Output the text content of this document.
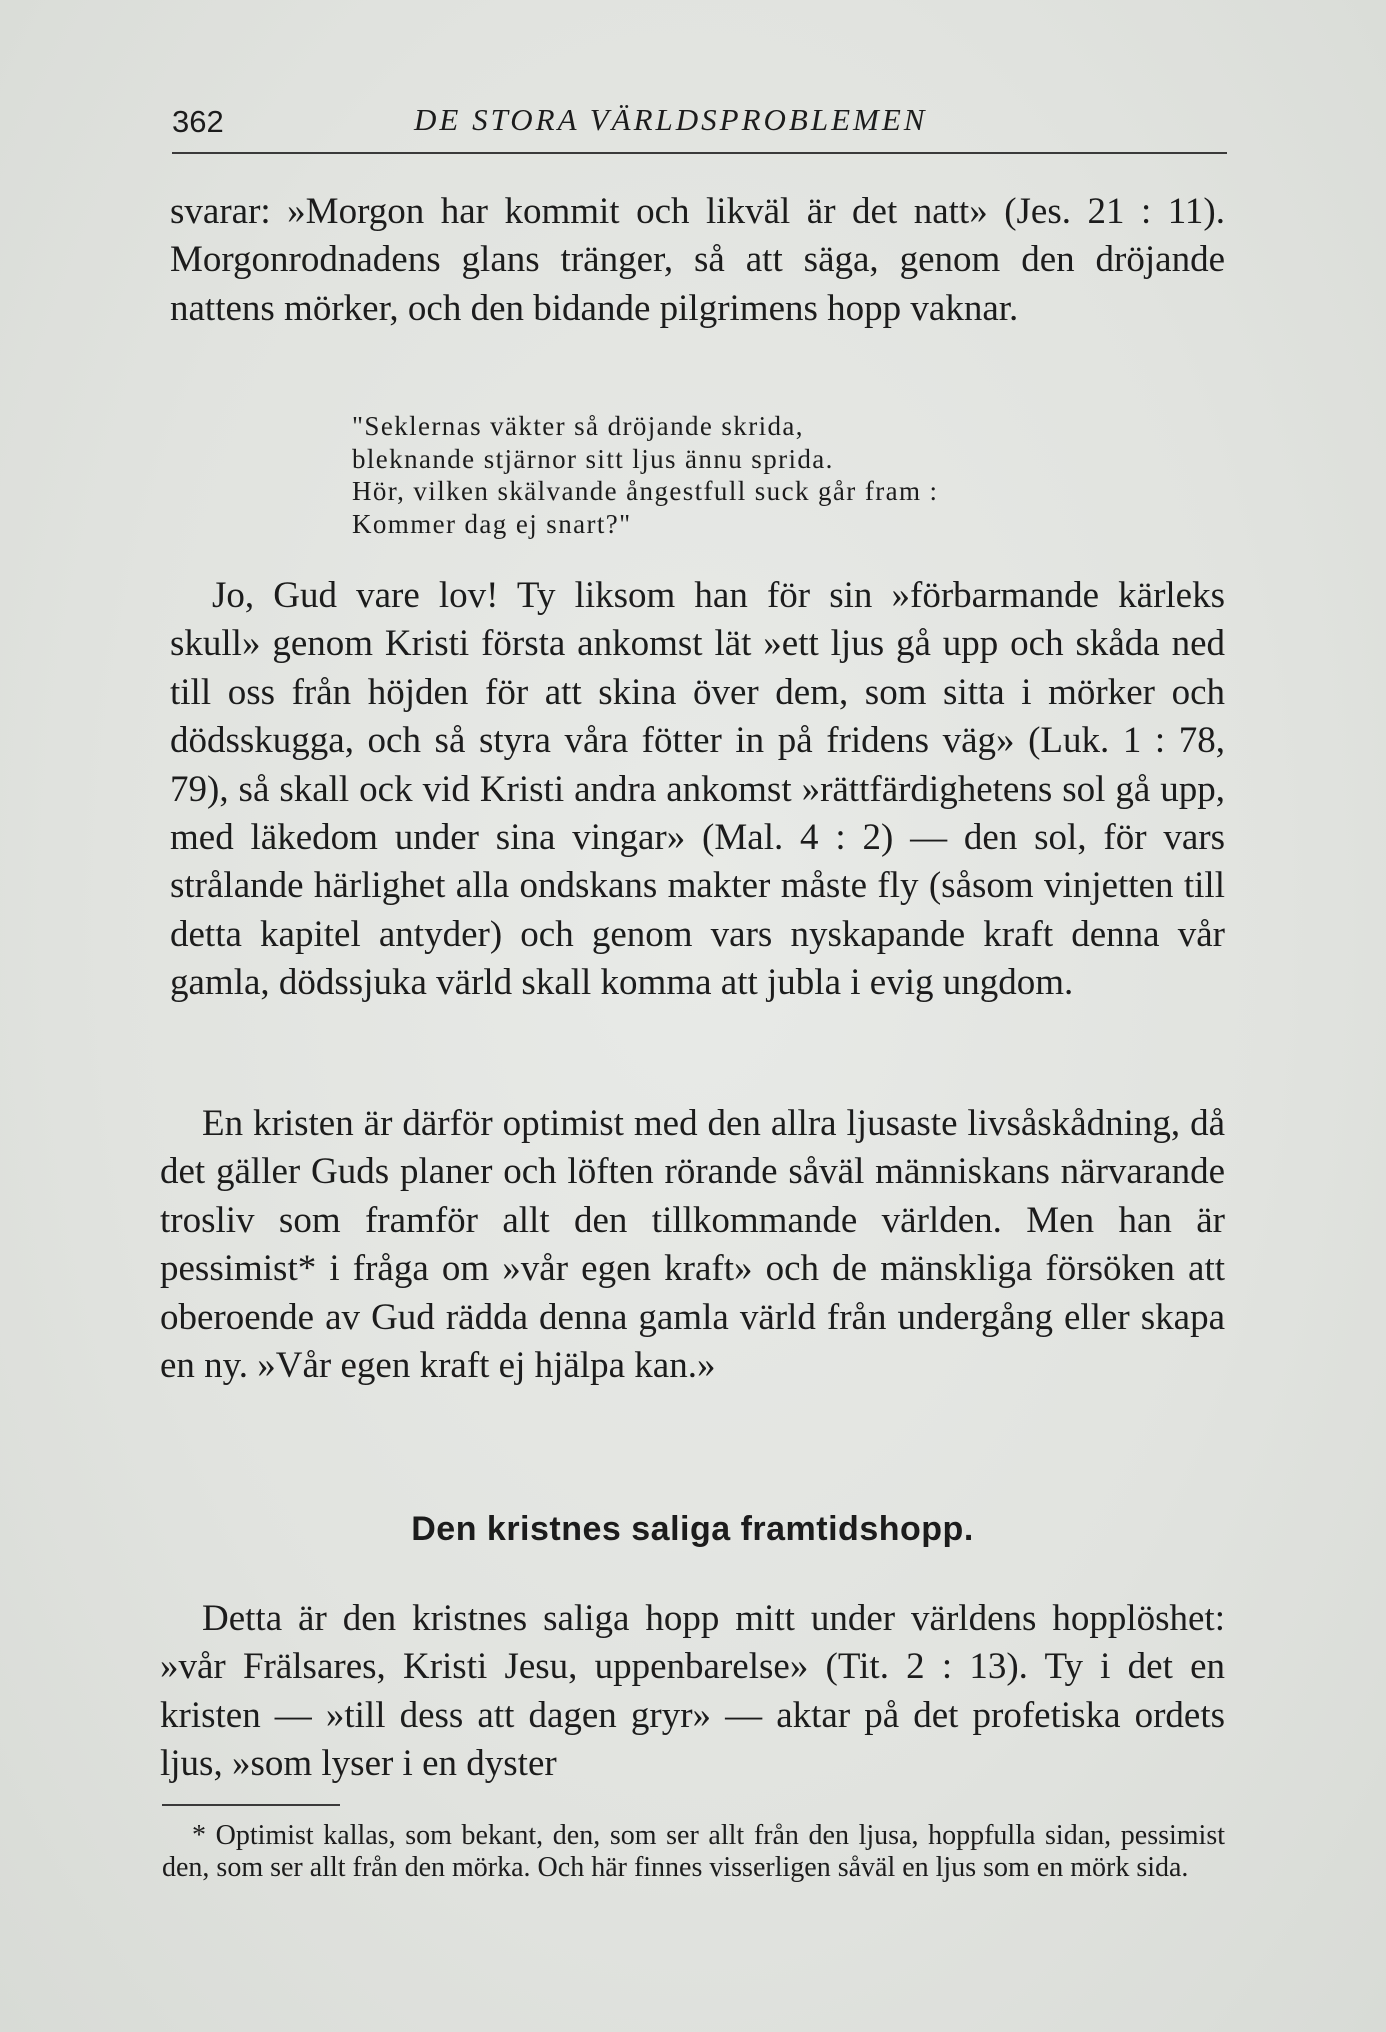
362	DE STORA VÄRLDSPROBLEMEN

svarar: »Morgon har kommit och likväl är det natt» (Jes. 21 : 11). Morgonrodnadens glans tränger, så att säga, genom den dröjande nattens mörker, och den bidande pilgrimens hopp vaknar.

"Seklernas väkter så dröjande skrida,
bleknande stjärnor sitt ljus ännu sprida.
Hör, vilken skälvande ångestfull suck går fram :
Kommer dag ej snart?"

Jo, Gud vare lov! Ty liksom han för sin »förbarmande kärleks skull» genom Kristi första ankomst lät »ett ljus gå upp och skåda ned till oss från höjden för att skina över dem, som sitta i mörker och dödsskugga, och så styra våra fötter in på fridens väg» (Luk. 1 : 78, 79), så skall ock vid Kristi andra ankomst »rättfärdighetens sol gå upp, med läkedom under sina vingar» (Mal. 4 : 2) — den sol, för vars strålande härlighet alla ondskans makter måste fly (såsom vinjetten till detta kapitel antyder) och genom vars nyskapande kraft denna vår gamla, dödssjuka värld skall komma att jubla i evig ungdom.

En kristen är därför optimist med den allra ljusaste livsåskådning, då det gäller Guds planer och löften rörande såväl människans närvarande trosliv som framför allt den tillkommande världen. Men han är pessimist* i fråga om »vår egen kraft» och de mänskliga försöken att oberoende av Gud rädda denna gamla värld från undergång eller skapa en ny. »Vår egen kraft ej hjälpa kan.»

Den kristnes saliga framtidshopp.

Detta är den kristnes saliga hopp mitt under världens hopplöshet: »vår Frälsares, Kristi Jesu, uppenbarelse» (Tit. 2 : 13). Ty i det en kristen — »till dess att dagen gryr» — aktar på det profetiska ordets ljus, »som lyser i en dyster

* Optimist kallas, som bekant, den, som ser allt från den ljusa, hoppfulla sidan, pessimist den, som ser allt från den mörka. Och här finnes visserligen såväl en ljus som en mörk sida.
